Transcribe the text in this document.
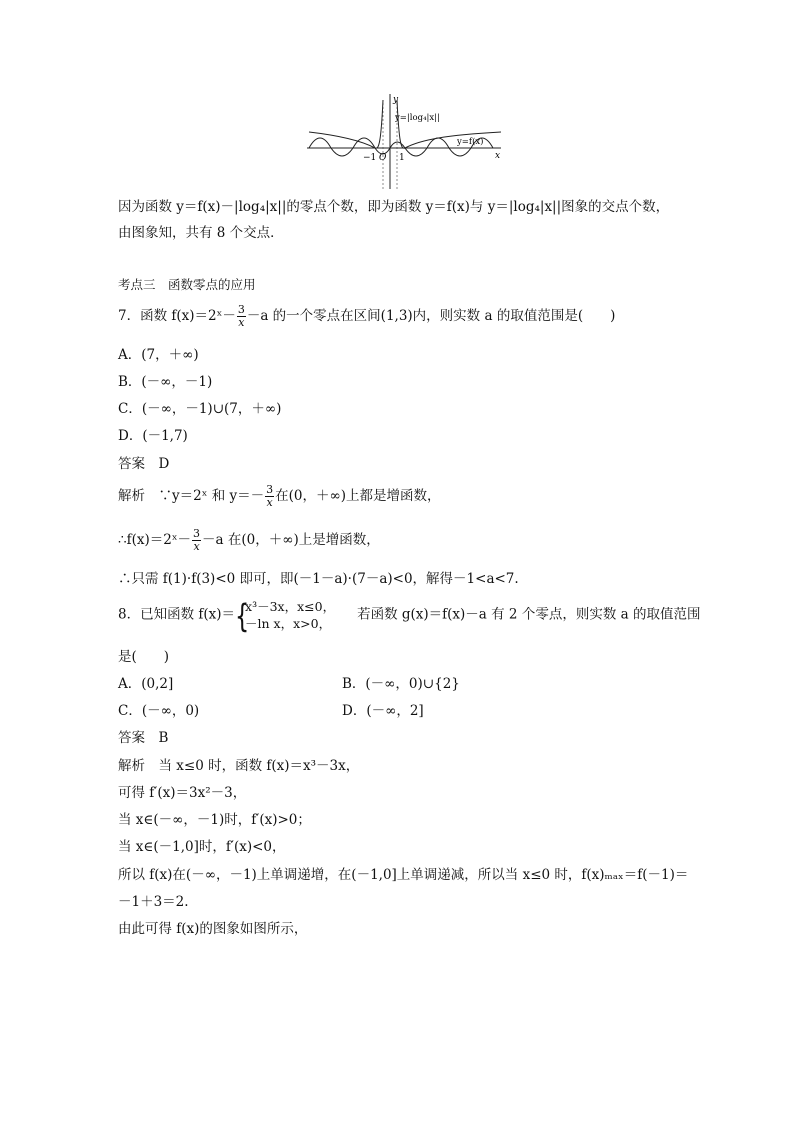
y
x
y=|log₄|x||
y=f(x)
−1 O 1
因为函数 y＝f(x)－|log₄|x||的零点个数，即为函数 y＝f(x)与 y＝|log₄|x||图象的交点个数，
由图象知，共有 8 个交点．
考点三　函数零点的应用
7．函数 f(x)＝2ˣ－ $\frac{3}{x} -a$ 的一个零点在区间(1,3)内，则实数 a 的取值范围是(　　)
A．(7，＋∞)
B．(－∞，－1)
C．(－∞，－1)∪(7，＋∞)
D．(－1,7)
答案　D
解析　∵y＝2ˣ 和 $y=- \frac{3}{x}$ 在(0，＋∞)上都是增函数，
∴f(x)＝2ˣ－ $\frac{3}{x} -a$ 在(0，＋∞)上是增函数，
∴只需 f(1)·f(3)<0 即可，即(－1－a)·(7－a)<0，解得－1<a<7.
8．已知函数 f(x)＝ {
x³－3x，x≤0，
－ln x，x>0，
若函数 g(x)＝f(x)－a 有 2 个零点，则实数 a 的取值范围
是(　　)
A．(0,2]	B．(－∞，0)∪{2}
C．(－∞，0)	D．(－∞，2]
答案　B
解析　当 x≤0 时，函数 f(x)＝x³－3x，
可得 f′(x)＝3x²－3，
当 x∈(－∞，－1)时，f′(x)>0；
当 x∈(－1,0]时，f′(x)<0，
所以 f(x)在(－∞，－1)上单调递增，在(－1,0]上单调递减，所以当 x≤0 时，f(x)ₘₐₓ＝f(－1)＝
－1＋3＝2.
由此可得 f(x)的图象如图所示，
